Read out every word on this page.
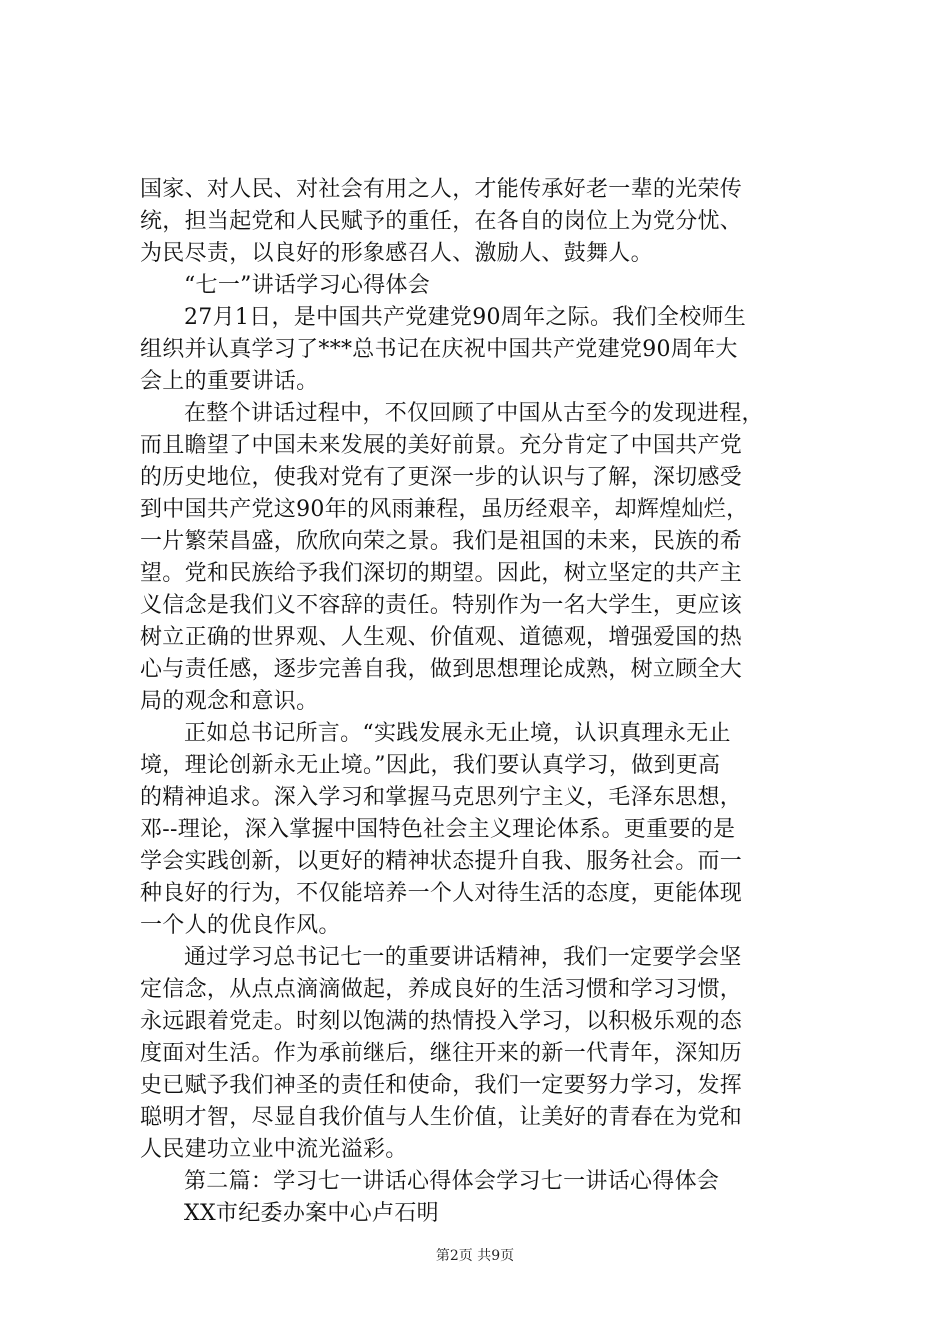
国家、对人民、对社会有用之人，才能传承好老一辈的光荣传
统，担当起党和人民赋予的重任，在各自的岗位上为党分忧、
为民尽责，以良好的形象感召人、激励人、鼓舞人。
“七一”讲话学习心得体会
27月1日，是中国共产党建党90周年之际。我们全校师生
组织并认真学习了***总书记在庆祝中国共产党建党90周年大
会上的重要讲话。
在整个讲话过程中，不仅回顾了中国从古至今的发现进程，
而且瞻望了中国未来发展的美好前景。充分肯定了中国共产党
的历史地位，使我对党有了更深一步的认识与了解，深切感受
到中国共产党这90年的风雨兼程，虽历经艰辛，却辉煌灿烂，
一片繁荣昌盛，欣欣向荣之景。我们是祖国的未来，民族的希
望。党和民族给予我们深切的期望。因此，树立坚定的共产主
义信念是我们义不容辞的责任。特别作为一名大学生，更应该
树立正确的世界观、人生观、价值观、道德观，增强爱国的热
心与责任感，逐步完善自我，做到思想理论成熟，树立顾全大
局的观念和意识。
正如总书记所言。“实践发展永无止境，认识真理永无止
境，理论创新永无止境。”因此，我们要认真学习，做到更高
的精神追求。深入学习和掌握马克思列宁主义，毛泽东思想，
邓--理论，深入掌握中国特色社会主义理论体系。更重要的是
学会实践创新，以更好的精神状态提升自我、服务社会。而一
种良好的行为，不仅能培养一个人对待生活的态度，更能体现
一个人的优良作风。
通过学习总书记七一的重要讲话精神，我们一定要学会坚
定信念，从点点滴滴做起，养成良好的生活习惯和学习习惯，
永远跟着党走。时刻以饱满的热情投入学习，以积极乐观的态
度面对生活。作为承前继后，继往开来的新一代青年，深知历
史已赋予我们神圣的责任和使命，我们一定要努力学习，发挥
聪明才智，尽显自我价值与人生价值，让美好的青春在为党和
人民建功立业中流光溢彩。
第二篇：学习七一讲话心得体会学习七一讲话心得体会
XX市纪委办案中心卢石明
第2页 共9页
